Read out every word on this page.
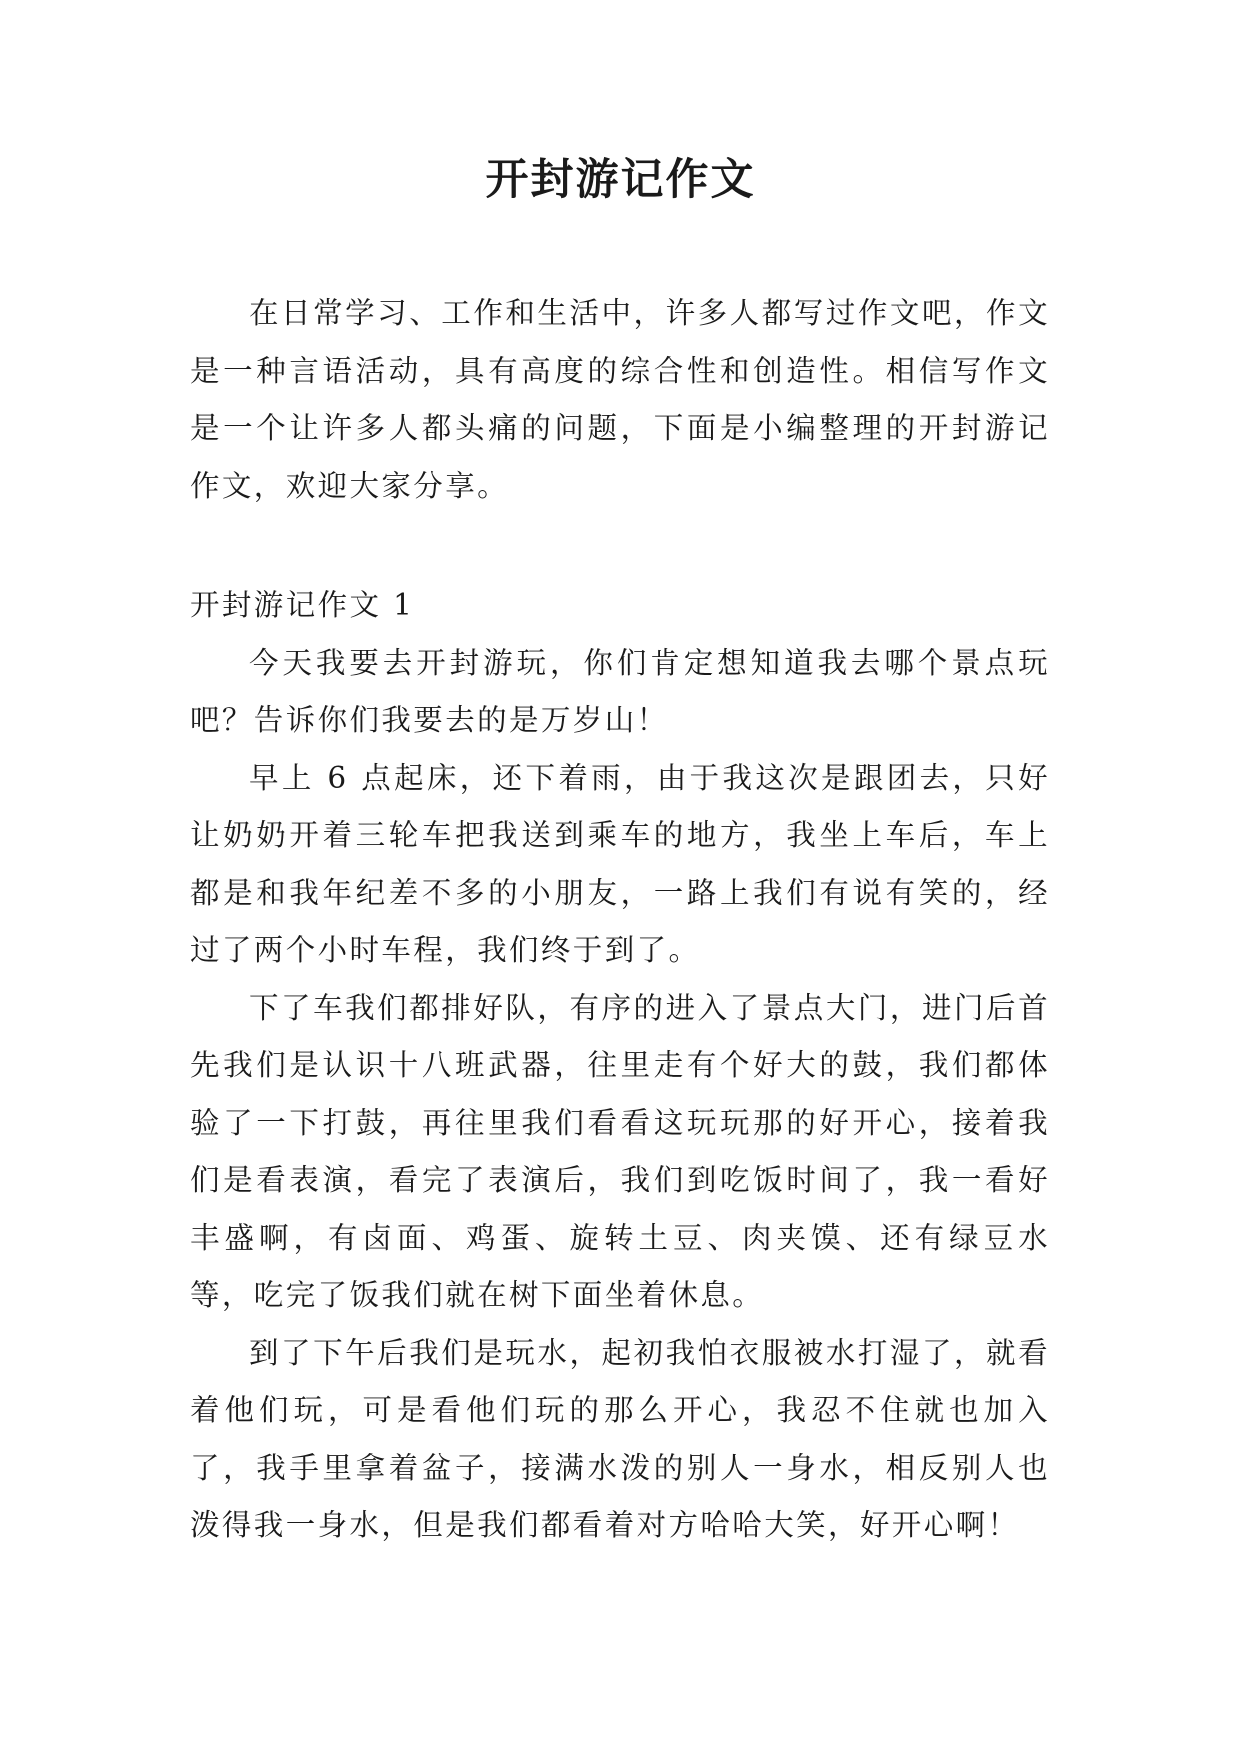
开封游记作文

在日常学习、工作和生活中，许多人都写过作文吧，作文是一种言语活动，具有高度的综合性和创造性。相信写作文是一个让许多人都头痛的问题，下面是小编整理的开封游记作文，欢迎大家分享。

开封游记作文 1

今天我要去开封游玩，你们肯定想知道我去哪个景点玩吧？告诉你们我要去的是万岁山！

早上 6 点起床，还下着雨，由于我这次是跟团去，只好让奶奶开着三轮车把我送到乘车的地方，我坐上车后，车上都是和我年纪差不多的小朋友，一路上我们有说有笑的，经过了两个小时车程，我们终于到了。

下了车我们都排好队，有序的进入了景点大门，进门后首先我们是认识十八班武器，往里走有个好大的鼓，我们都体验了一下打鼓，再往里我们看看这玩玩那的好开心，接着我们是看表演，看完了表演后，我们到吃饭时间了，我一看好丰盛啊，有卤面、鸡蛋、旋转土豆、肉夹馍、还有绿豆水等，吃完了饭我们就在树下面坐着休息。

到了下午后我们是玩水，起初我怕衣服被水打湿了，就看着他们玩，可是看他们玩的那么开心，我忍不住就也加入了，我手里拿着盆子，接满水泼的别人一身水，相反别人也泼得我一身水，但是我们都看着对方哈哈大笑，好开心啊！
